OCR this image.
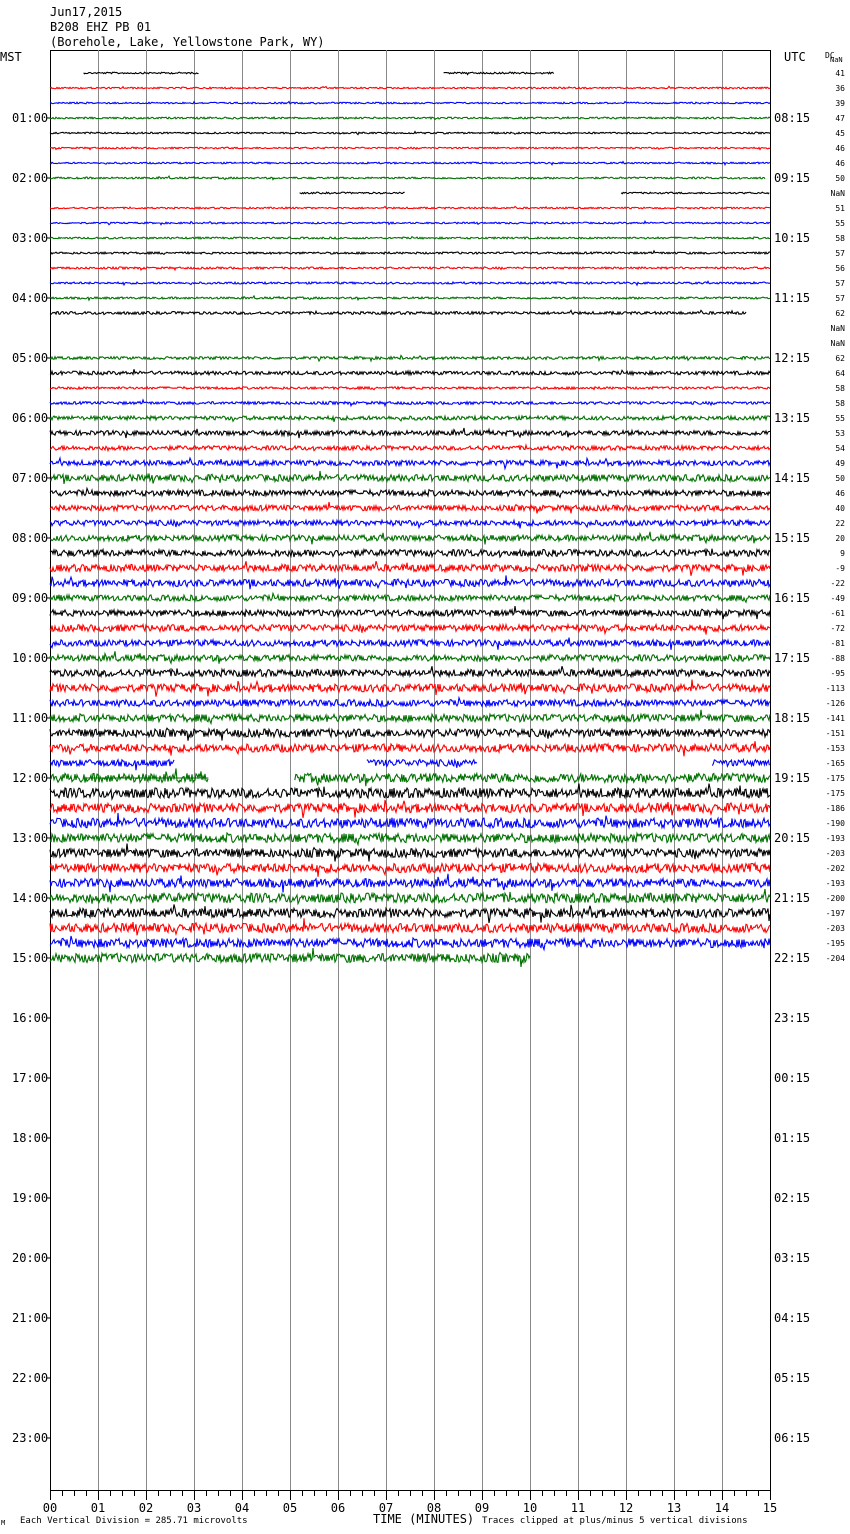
Jun17,2015
B208 EHZ PB 01
(Borehole, Lake, Yellowstone Park, WY)
MST	UTC DC
NaN
01:00
02:00
03:00
04:00
05:00
06:00
07:00
08:00
09:00
10:00
11:00
12:00
13:00
14:00
15:00
16:00
17:00
18:00
19:00
20:00
21:00
22:00
23:00
08:15
09:15
10:15
11:15
12:15
13:15
14:15
15:15
16:15
17:15
18:15
19:15
20:15
21:15
22:15
23:15
00:15
01:15
02:15
03:15
04:15
05:15
06:15
41
36
39
47
45
46
46
50
NaN
51
55
58
57
56
57
57
62
NaN
NaN
62
64
58
58
55
53
54
49
50
46
40
22
20
9
-9
-22
-49
-61
-72
-81
-88
-95
-113
-126
-141
-151
-153
-165
-175
-175
-186
-190
-193
-203
-202
-193
-200
-197
-203
-195
-204
00	01	02	03	04	05	06	07	08	09	10	11	12	13	14	15
M Each Vertical Division = 285.71 microvolts	TIME (MINUTES) Traces clipped at plus/minus 5 vertical divisions
